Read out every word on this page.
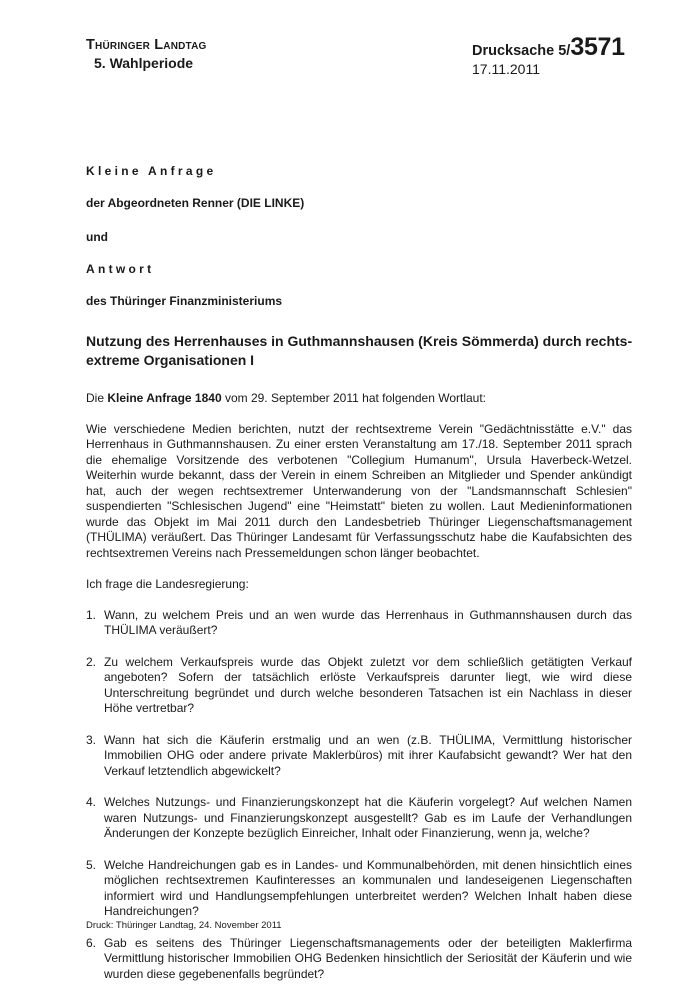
Thüringer Landtag
5. Wahlperiode
Drucksache 5/3571
17.11.2011
Kleine Anfrage
der Abgeordneten Renner (DIE LINKE)
und
Antwort
des Thüringer Finanzministeriums
Nutzung des Herrenhauses in Guthmannshausen (Kreis Sömmerda) durch rechts-extreme Organisationen I

Die Kleine Anfrage 1840 vom 29. September 2011 hat folgenden Wortlaut:

Wie verschiedene Medien berichten, nutzt der rechtsextreme Verein "Gedächtnisstätte e.V." das Herrenhaus in Guthmannshausen. Zu einer ersten Veranstaltung am 17./18. September 2011 sprach die ehemalige Vorsitzende des verbotenen "Collegium Humanum", Ursula Haverbeck-Wetzel. Weiterhin wurde bekannt, dass der Verein in einem Schreiben an Mitglieder und Spender ankündigt hat, auch der wegen rechtsextremer Unterwanderung von der "Landsmannschaft Schlesien" suspendierten "Schlesischen Jugend" eine "Heimstatt" bieten zu wollen. Laut Medieninformationen wurde das Objekt im Mai 2011 durch den Landesbetrieb Thüringer Liegenschaftsmanagement (THÜLIMA) veräußert. Das Thüringer Landesamt für Verfassungsschutz habe die Kaufabsichten des rechtsextremen Vereins nach Pressemeldungen schon länger beobachtet.

Ich frage die Landesregierung:

1. Wann, zu welchem Preis und an wen wurde das Herrenhaus in Guthmannshausen durch das THÜLIMA veräußert?
2. Zu welchem Verkaufspreis wurde das Objekt zuletzt vor dem schließlich getätigten Verkauf angeboten? Sofern der tatsächlich erlöste Verkaufspreis darunter liegt, wie wird diese Unterschreitung begründet und durch welche besonderen Tatsachen ist ein Nachlass in dieser Höhe vertretbar?
3. Wann hat sich die Käuferin erstmalig und an wen (z.B. THÜLIMA, Vermittlung historischer Immobilien OHG oder andere private Maklerbüros) mit ihrer Kaufabsicht gewandt? Wer hat den Verkauf letztendlich abgewickelt?
4. Welches Nutzungs- und Finanzierungskonzept hat die Käuferin vorgelegt? Auf welchen Namen waren Nutzungs- und Finanzierungskonzept ausgestellt? Gab es im Laufe der Verhandlungen Änderungen der Konzepte bezüglich Einreicher, Inhalt oder Finanzierung, wenn ja, welche?
5. Welche Handreichungen gab es in Landes- und Kommunalbehörden, mit denen hinsichtlich eines möglichen rechtsextremen Kaufinteresses an kommunalen und landeseigenen Liegenschaften informiert wird und Handlungsempfehlungen unterbreitet werden? Welchen Inhalt haben diese Handreichungen?
6. Gab es seitens des Thüringer Liegenschaftsmanagements oder der beteiligten Maklerfirma Vermittlung historischer Immobilien OHG Bedenken hinsichtlich der Seriosität der Käuferin und wie wurden diese gegebenenfalls begründet?
Druck: Thüringer Landtag, 24. November 2011
